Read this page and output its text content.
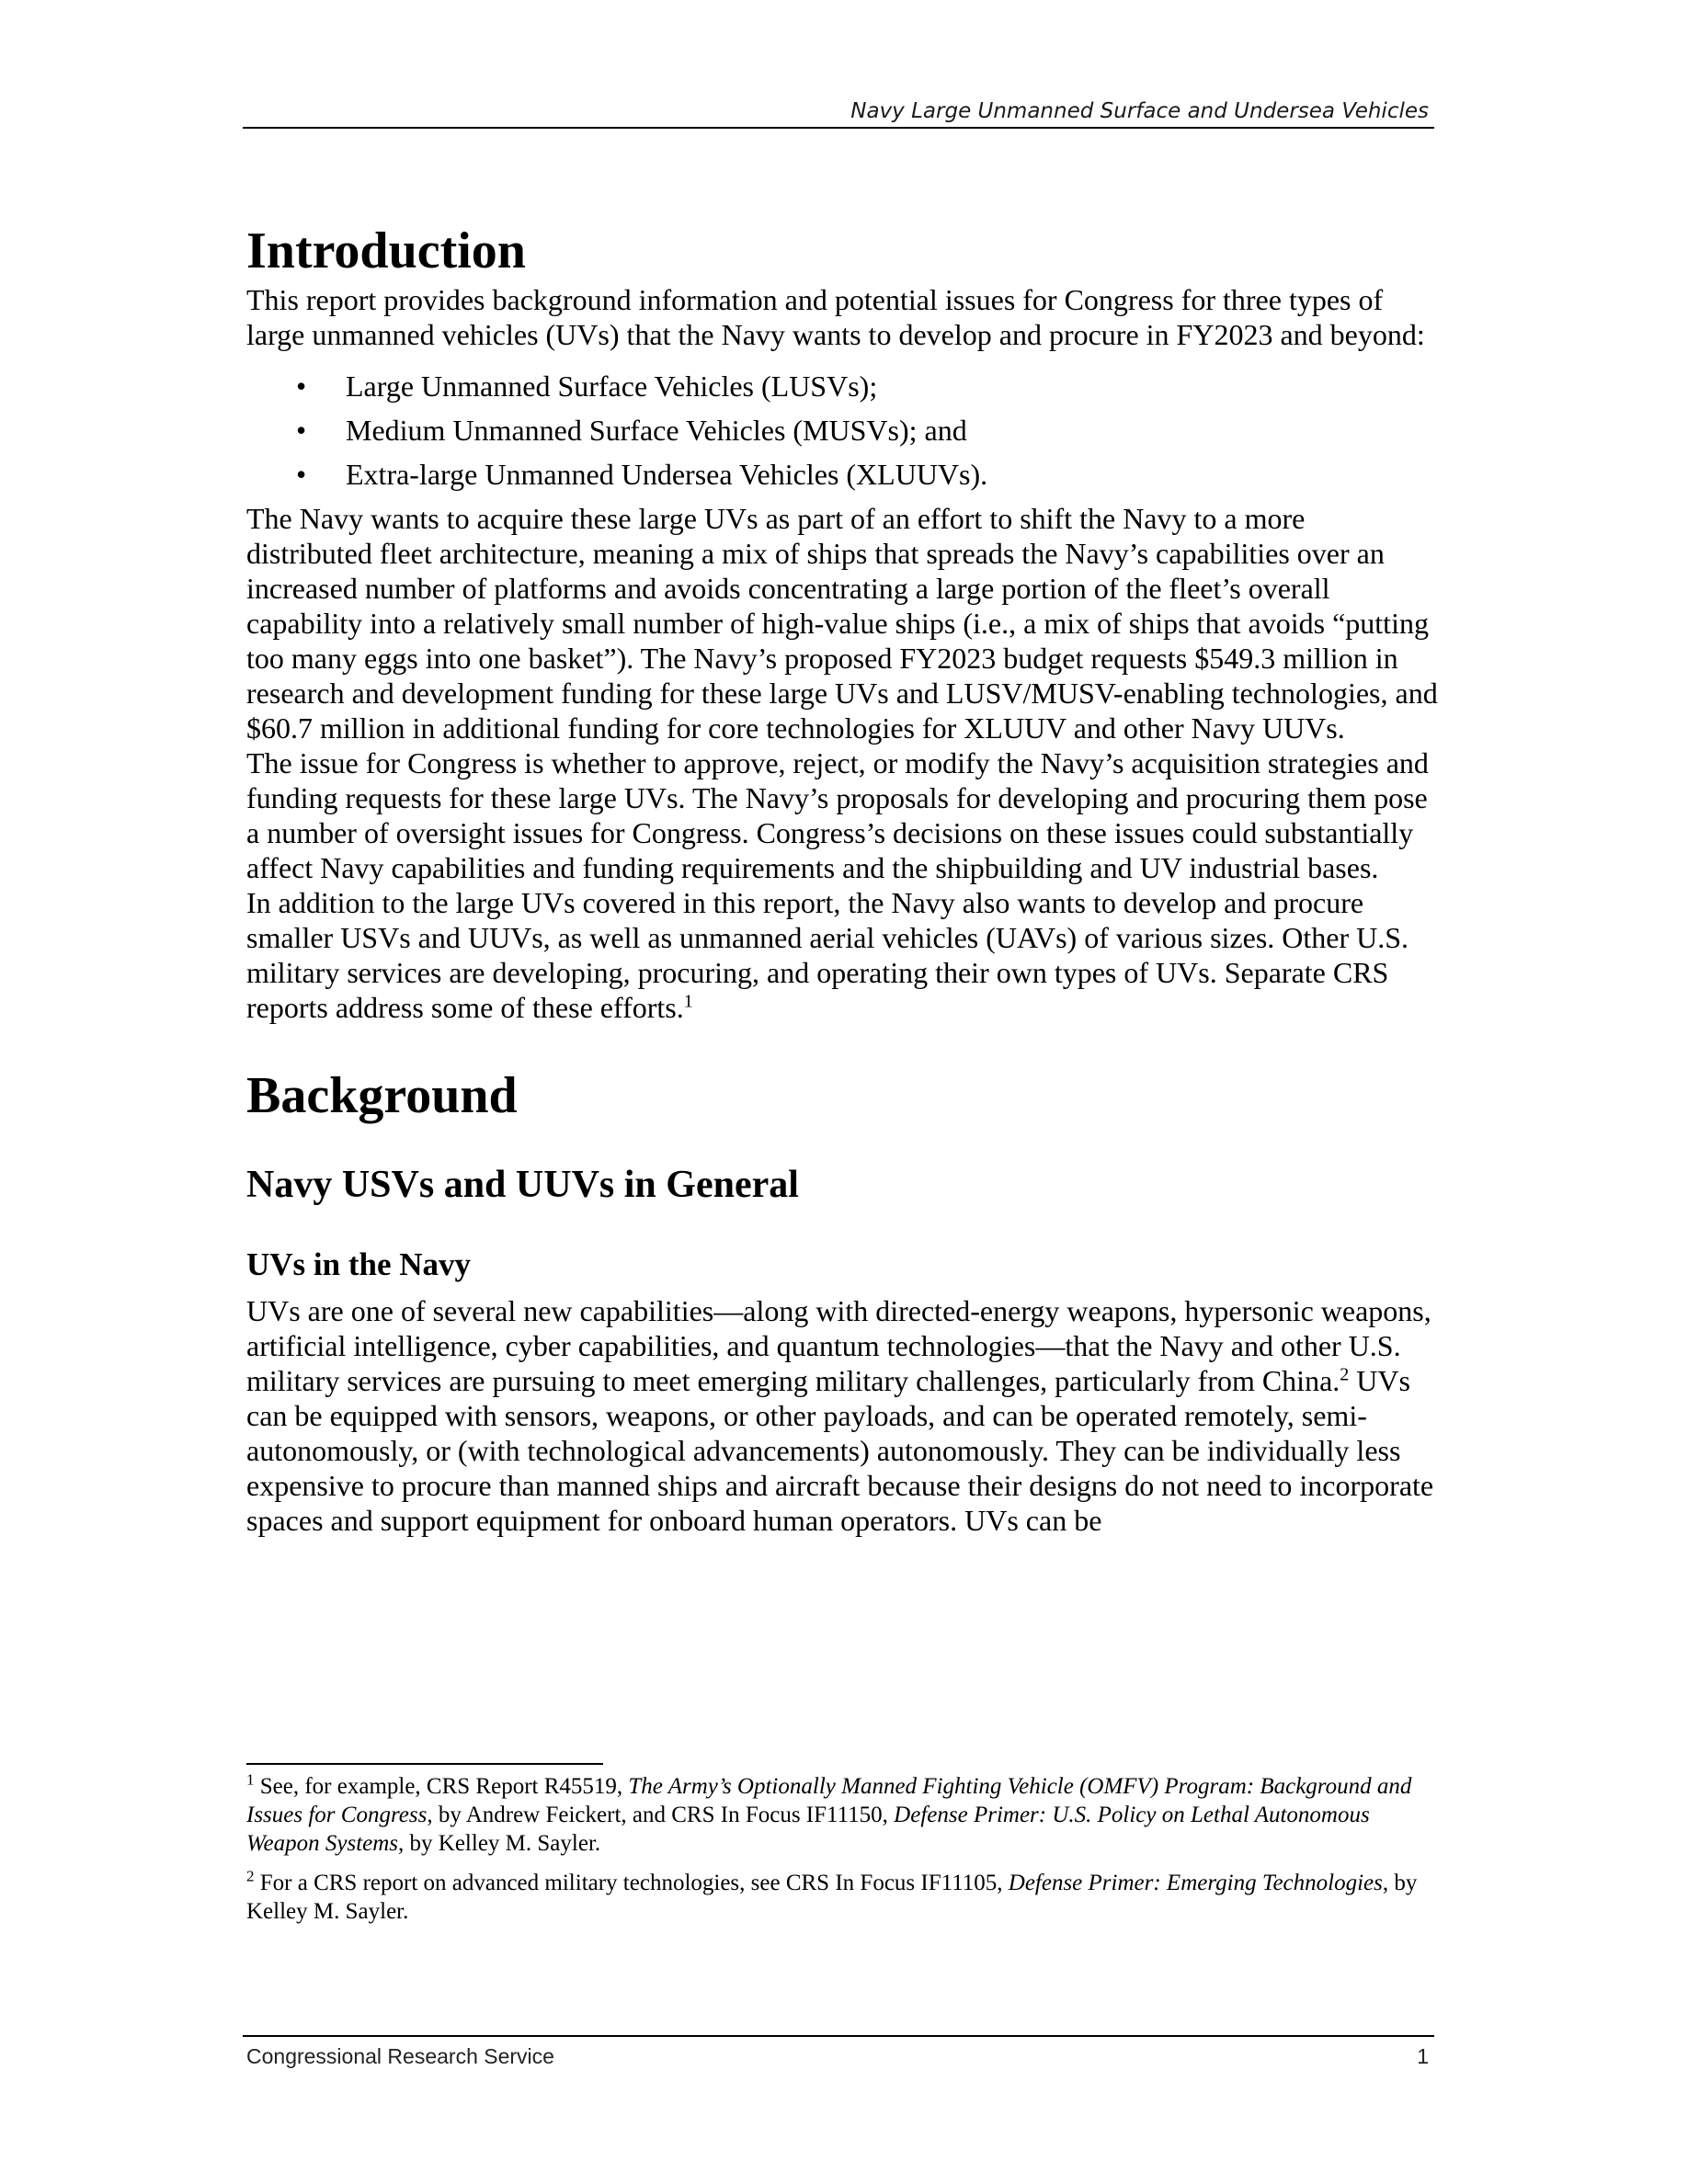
Navy Large Unmanned Surface and Undersea Vehicles
Introduction

This report provides background information and potential issues for Congress for three types of large unmanned vehicles (UVs) that the Navy wants to develop and procure in FY2023 and beyond:

• Large Unmanned Surface Vehicles (LUSVs);
• Medium Unmanned Surface Vehicles (MUSVs); and
• Extra-large Unmanned Undersea Vehicles (XLUUVs).

The Navy wants to acquire these large UVs as part of an effort to shift the Navy to a more distributed fleet architecture, meaning a mix of ships that spreads the Navy’s capabilities over an increased number of platforms and avoids concentrating a large portion of the fleet’s overall capability into a relatively small number of high-value ships (i.e., a mix of ships that avoids “putting too many eggs into one basket”). The Navy’s proposed FY2023 budget requests $549.3 million in research and development funding for these large UVs and LUSV/MUSV-enabling technologies, and $60.7 million in additional funding for core technologies for XLUUV and other Navy UUVs.

The issue for Congress is whether to approve, reject, or modify the Navy’s acquisition strategies and funding requests for these large UVs. The Navy’s proposals for developing and procuring them pose a number of oversight issues for Congress. Congress’s decisions on these issues could substantially affect Navy capabilities and funding requirements and the shipbuilding and UV industrial bases.

In addition to the large UVs covered in this report, the Navy also wants to develop and procure smaller USVs and UUVs, as well as unmanned aerial vehicles (UAVs) of various sizes. Other U.S. military services are developing, procuring, and operating their own types of UVs. Separate CRS reports address some of these efforts.$^1$

Background
Navy USVs and UUVs in General
UVs in the Navy

UVs are one of several new capabilities—along with directed-energy weapons, hypersonic weapons, artificial intelligence, cyber capabilities, and quantum technologies—that the Navy and other U.S. military services are pursuing to meet emerging military challenges, particularly from China.$^2$ UVs can be equipped with sensors, weapons, or other payloads, and can be operated remotely, semi-autonomously, or (with technological advancements) autonomously. They can be individually less expensive to procure than manned ships and aircraft because their designs do not need to incorporate spaces and support equipment for onboard human operators. UVs can be

$^1$ See, for example, CRS Report R45519, The Army’s Optionally Manned Fighting Vehicle (OMFV) Program: Background and Issues for Congress, by Andrew Feickert, and CRS In Focus IF11150, Defense Primer: U.S. Policy on Lethal Autonomous Weapon Systems, by Kelley M. Sayler.

$^2$ For a CRS report on advanced military technologies, see CRS In Focus IF11105, Defense Primer: Emerging Technologies, by Kelley M. Sayler.

Congressional Research Service	1
